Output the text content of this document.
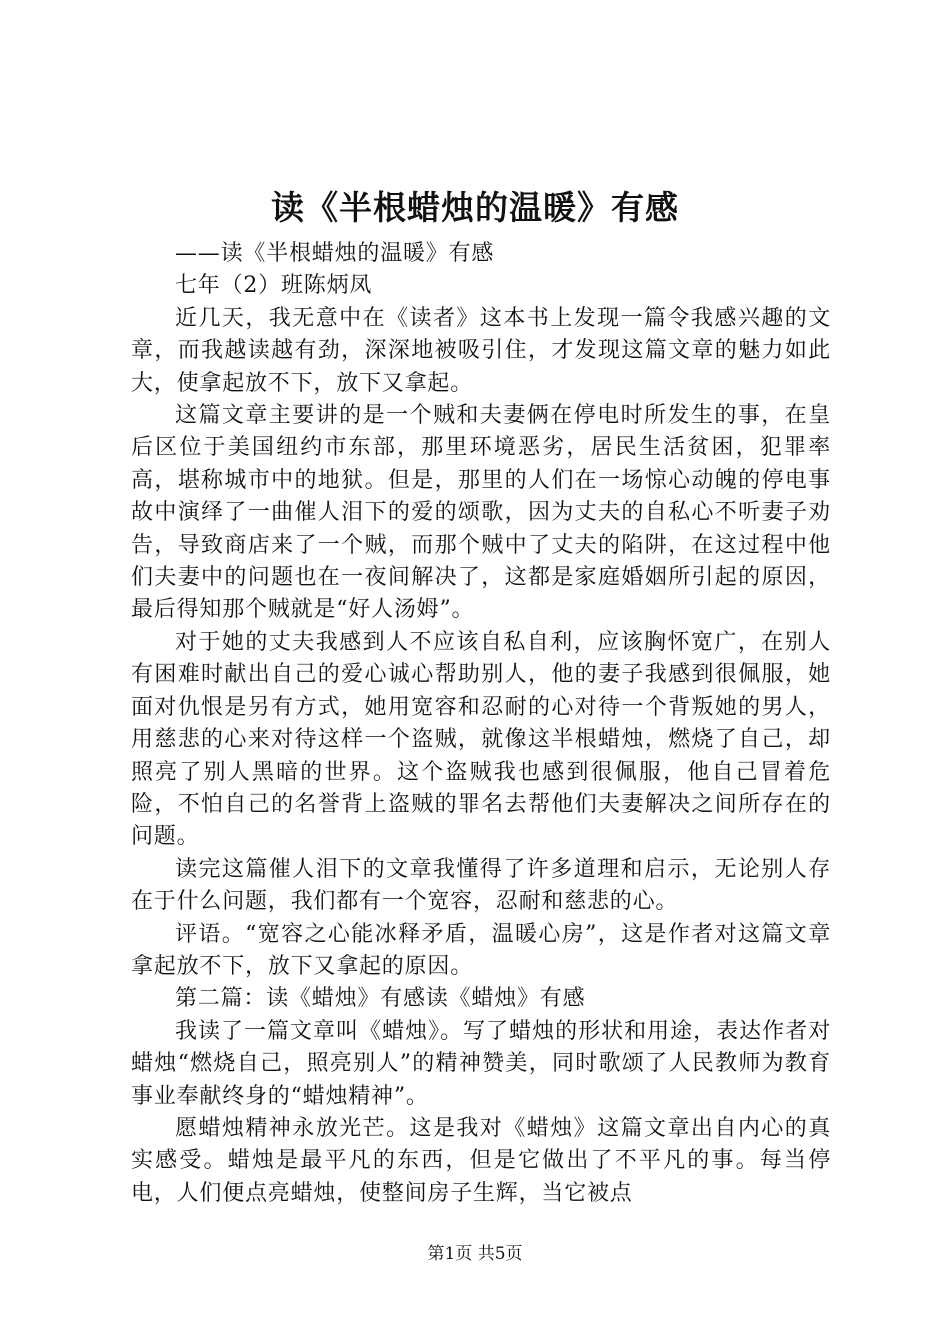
读《半根蜡烛的温暖》有感

——读《半根蜡烛的温暖》有感

七年（2）班陈炳凤

近几天，我无意中在《读者》这本书上发现一篇令我感兴趣的文章，而我越读越有劲，深深地被吸引住，才发现这篇文章的魅力如此大，使拿起放不下，放下又拿起。

这篇文章主要讲的是一个贼和夫妻俩在停电时所发生的事，在皇后区位于美国纽约市东部，那里环境恶劣，居民生活贫困，犯罪率高，堪称城市中的地狱。但是，那里的人们在一场惊心动魄的停电事故中演绎了一曲催人泪下的爱的颂歌，因为丈夫的自私心不听妻子劝告，导致商店来了一个贼，而那个贼中了丈夫的陷阱，在这过程中他们夫妻中的问题也在一夜间解决了，这都是家庭婚姻所引起的原因，最后得知那个贼就是“好人汤姆”。

对于她的丈夫我感到人不应该自私自利，应该胸怀宽广，在别人有困难时献出自己的爱心诚心帮助别人，他的妻子我感到很佩服，她面对仇恨是另有方式，她用宽容和忍耐的心对待一个背叛她的男人，用慈悲的心来对待这样一个盗贼，就像这半根蜡烛，燃烧了自己，却照亮了别人黑暗的世界。这个盗贼我也感到很佩服，他自己冒着危险，不怕自己的名誉背上盗贼的罪名去帮他们夫妻解决之间所存在的问题。

读完这篇催人泪下的文章我懂得了许多道理和启示，无论别人存在于什么问题，我们都有一个宽容，忍耐和慈悲的心。

评语。“宽容之心能冰释矛盾，温暖心房”，这是作者对这篇文章拿起放不下，放下又拿起的原因。

第二篇：读《蜡烛》有感读《蜡烛》有感

我读了一篇文章叫《蜡烛》。写了蜡烛的形状和用途，表达作者对蜡烛“燃烧自己，照亮别人”的精神赞美，同时歌颂了人民教师为教育事业奉献终身的“蜡烛精神”。

愿蜡烛精神永放光芒。这是我对《蜡烛》这篇文章出自内心的真实感受。蜡烛是最平凡的东西，但是它做出了不平凡的事。每当停电，人们便点亮蜡烛，使整间房子生辉，当它被点

第1页 共5页
